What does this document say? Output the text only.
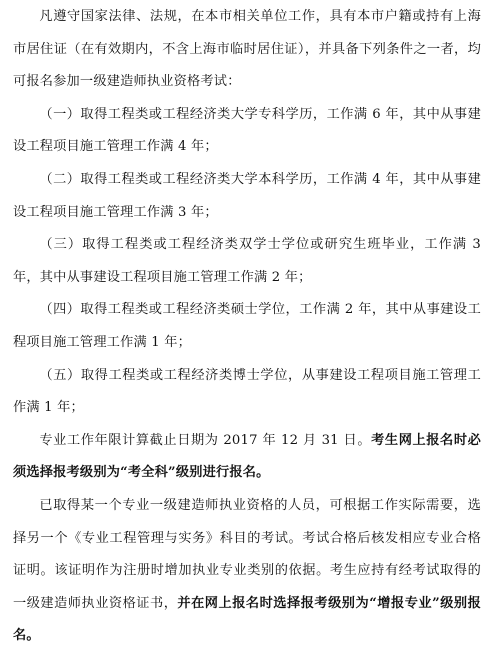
凡遵守国家法律、法规，在本市相关单位工作，具有本市户籍或持有上海市居住证（在有效期内，不含上海市临时居住证），并具备下列条件之一者，均可报名参加一级建造师执业资格考试：

（一）取得工程类或工程经济类大学专科学历，工作满 6 年，其中从事建设工程项目施工管理工作满 4 年；

（二）取得工程类或工程经济类大学本科学历，工作满 4 年，其中从事建设工程项目施工管理工作满 3 年；

（三）取得工程类或工程经济类双学士学位或研究生班毕业，工作满 3 年，其中从事建设工程项目施工管理工作满 2 年；

（四）取得工程类或工程经济类硕士学位，工作满 2 年，其中从事建设工程项目施工管理工作满 1 年；

（五）取得工程类或工程经济类博士学位，从事建设工程项目施工管理工作满 1 年；

专业工作年限计算截止日期为 2017 年 12 月 31 日。考生网上报名时必须选择报考级别为“考全科”级别进行报名。

已取得某一个专业一级建造师执业资格的人员，可根据工作实际需要，选择另一个《专业工程管理与实务》科目的考试。考试合格后核发相应专业合格证明。该证明作为注册时增加执业专业类别的依据。考生应持有经考试取得的一级建造师执业资格证书，并在网上报名时选择报考级别为“增报专业”级别报名。
